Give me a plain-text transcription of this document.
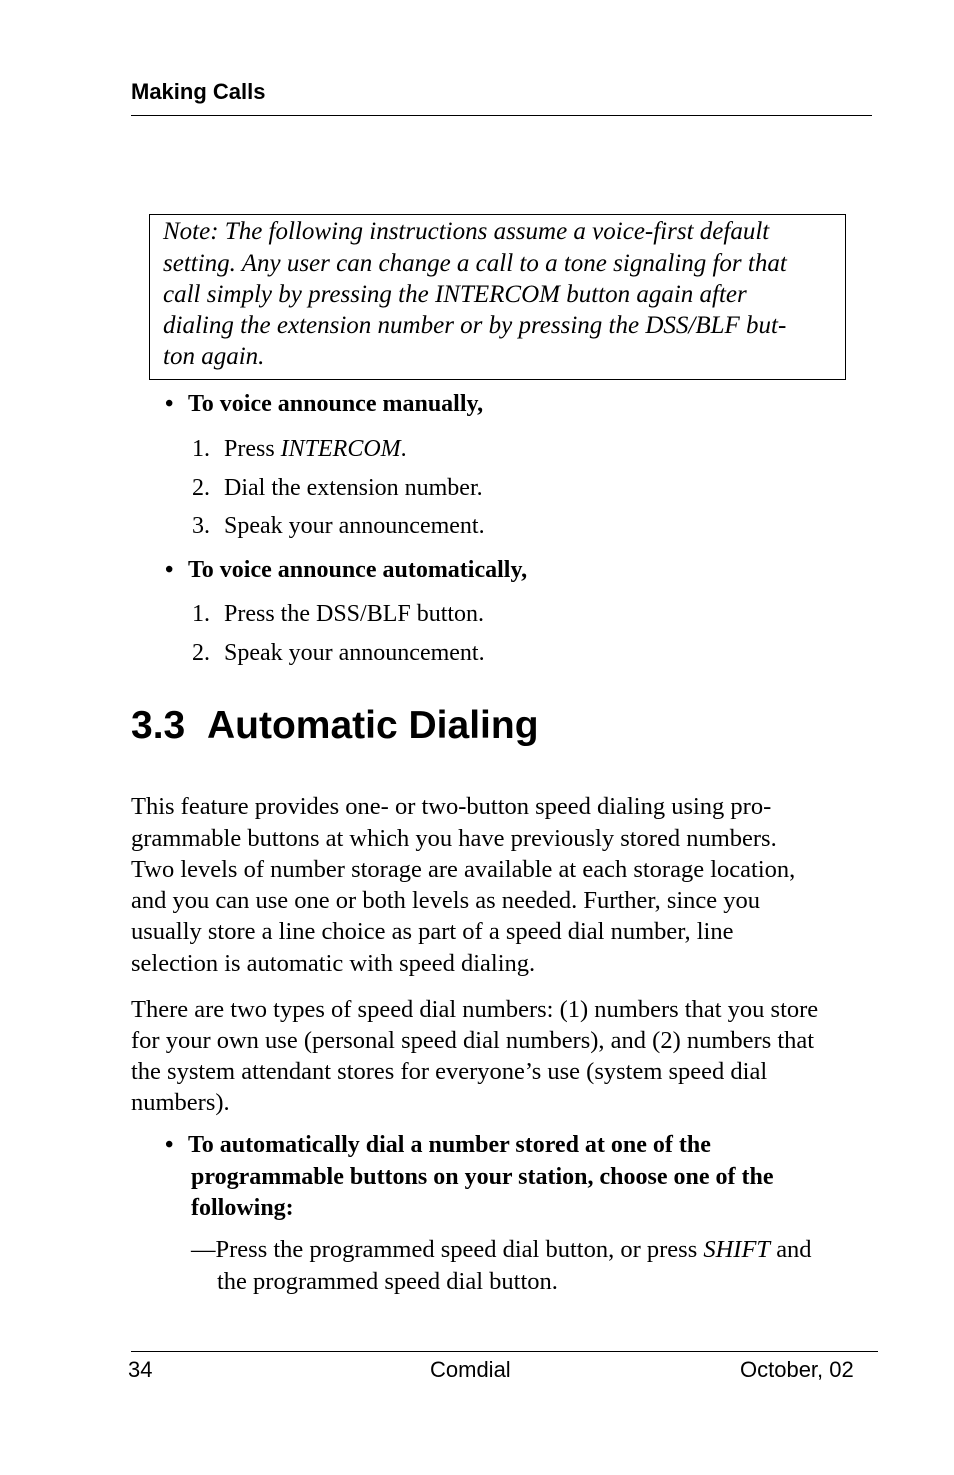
Making Calls
Note: The following instructions assume a voice-first default
setting. Any user can change a call to a tone signaling for that
call simply by pressing the INTERCOM button again after
dialing the extension number or by pressing the DSS/BLF but-
ton again.
• To voice announce manually,
1. Press INTERCOM.
2. Dial the extension number.
3. Speak your announcement.
• To voice announce automatically,
1. Press the DSS/BLF button.
2. Speak your announcement.
3.3 Automatic Dialing
This feature provides one- or two-button speed dialing using pro-
grammable buttons at which you have previously stored numbers.
Two levels of number storage are available at each storage location,
and you can use one or both levels as needed. Further, since you
usually store a line choice as part of a speed dial number, line
selection is automatic with speed dialing.
There are two types of speed dial numbers: (1) numbers that you store
for your own use (personal speed dial numbers), and (2) numbers that
the system attendant stores for everyone’s use (system speed dial
numbers).
• To automatically dial a number stored at one of the
programmable buttons on your station, choose one of the
following:
—Press the programmed speed dial button, or press SHIFT and
the programmed speed dial button.
34	Comdial	October, 02
